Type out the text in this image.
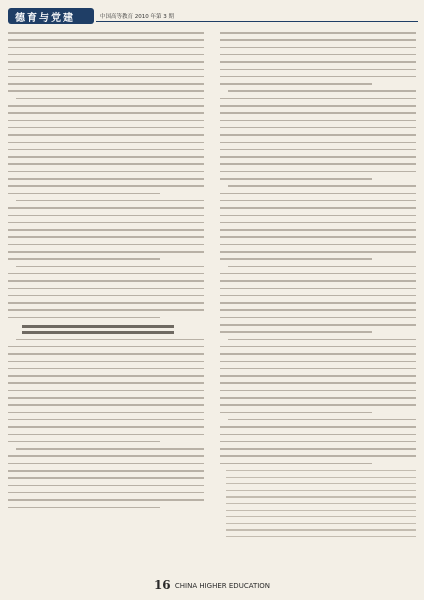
德育与党建	中国高等教育 2010 年第 3 期
16 CHINA HIGHER EDUCATION
